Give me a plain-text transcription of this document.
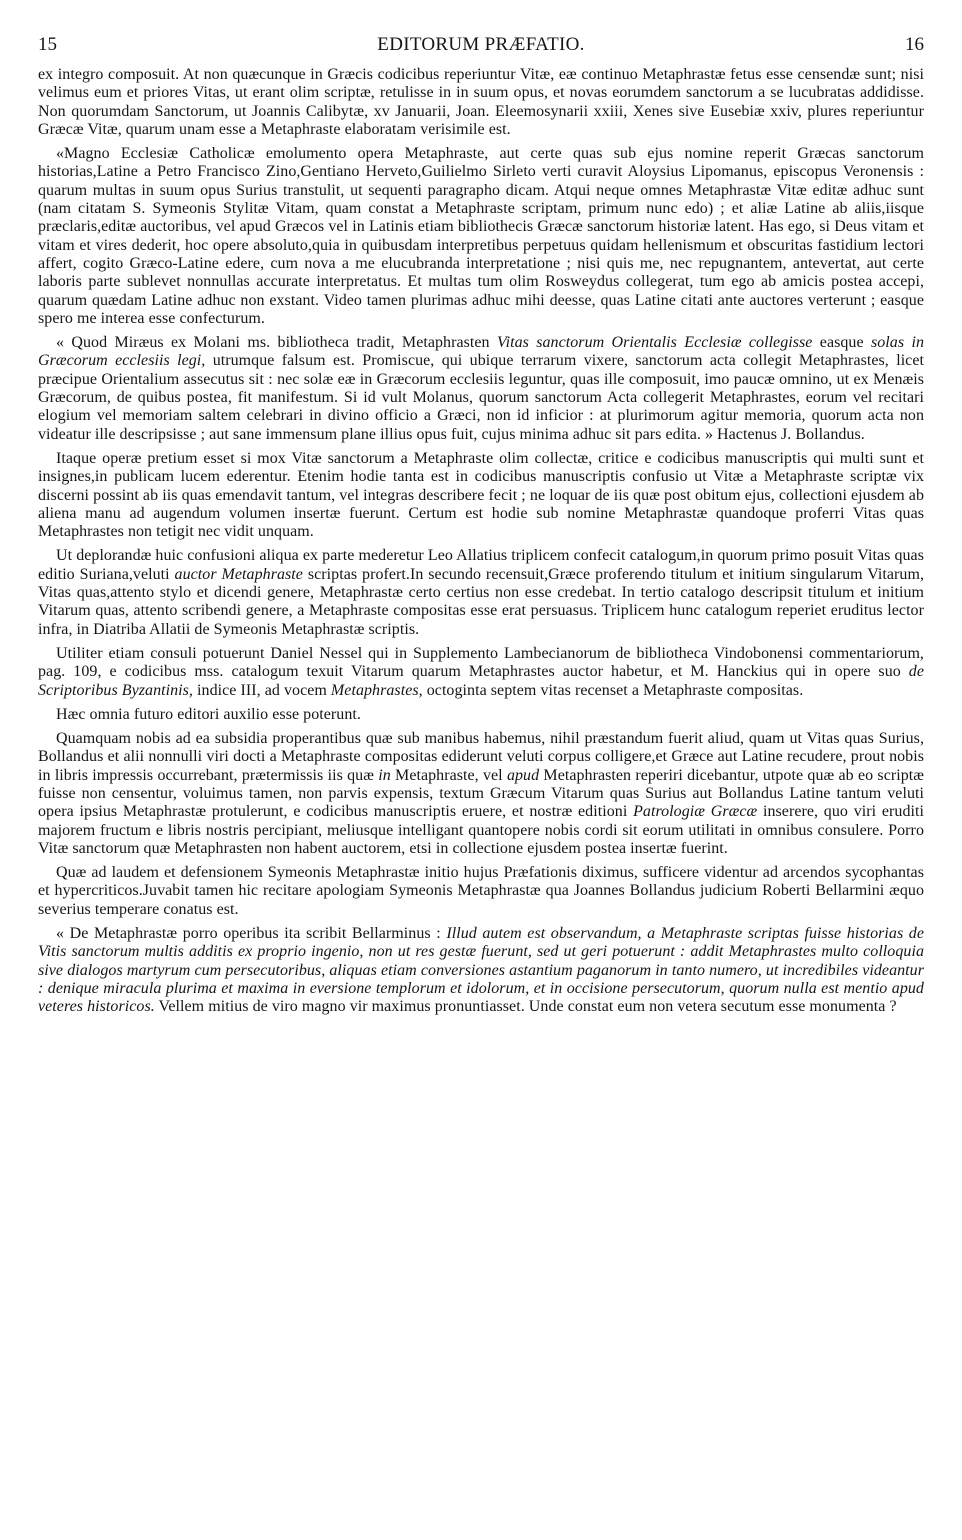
15	EDITORUM PRÆFATIO.	16

ex integro composuit. At non quæcunque in Græcis codicibus reperiuntur Vitæ, eæ continuo Metaphrastæ fetus esse censendæ sunt; nisi velimus eum et priores Vitas, ut erant olim scriptæ, retulisse in in suum opus, et novas eorumdem sanctorum a se lucubratas addidisse. Non quorumdam Sanctorum, ut Joannis Calibytæ, xv Januarii, Joan. Eleemosynarii xxiii, Xenes sive Eusebiæ xxiv, plures reperiuntur Græcæ Vitæ, quarum unam esse a Metaphraste elaboratam verisimile est.

«Magno Ecclesiæ Catholicæ emolumento opera Metaphraste, aut certe quas sub ejus nomine reperit Græcas sanctorum historias,Latine a Petro Francisco Zino,Gentiano Herveto,Guilielmo Sirleto verti curavit Aloysius Lipomanus, episcopus Veronensis : quarum multas in suum opus Surius transtulit, ut sequenti paragrapho dicam. Atqui neque omnes Metaphrastæ Vitæ editæ adhuc sunt (nam citatam S. Symeonis Stylitæ Vitam, quam constat a Metaphraste scriptam, primum nunc edo) ; et aliæ Latine ab aliis,iisque præclaris,editæ auctoribus, vel apud Græcos vel in Latinis etiam bibliothecis Græcæ sanctorum historiæ latent. Has ego, si Deus vitam et vitam et vires dederit, hoc opere absoluto,quia in quibusdam interpretibus perpetuus quidam hellenismum et obscuritas fastidium lectori affert, cogito Græco-Latine edere, cum nova a me elucubranda interpretatione ; nisi quis me, nec repugnantem, antevertat, aut certe laboris parte sublevet nonnullas accurate interpretatus. Et multas tum olim Rosweydus collegerat, tum ego ab amicis postea accepi, quarum quædam Latine adhuc non exstant. Video tamen plurimas adhuc mihi deesse, quas Latine citati ante auctores verterunt ; easque spero me interea esse confecturum.

« Quod Miræus ex Molani ms. bibliotheca tradit, Metaphrasten Vitas sanctorum Orientalis Ecclesiæ collegisse easque solas in Græcorum ecclesiis legi, utrumque falsum est. Promiscue, qui ubique terrarum vixere, sanctorum acta collegit Metaphrastes, licet præcipue Orientalium assecutus sit : nec solæ eæ in Græcorum ecclesiis leguntur, quas ille composuit, imo paucæ omnino, ut ex Menæis Græcorum, de quibus postea, fit manifestum. Si id vult Molanus, quorum sanctorum Acta collegerit Metaphrastes, eorum vel recitari elogium vel memoriam saltem celebrari in divino officio a Græci, non id inficior : at plurimorum agitur memoria, quorum acta non videatur ille descripsisse ; aut sane immensum plane illius opus fuit, cujus minima adhuc sit pars edita. » Hactenus J. Bollandus.

Itaque operæ pretium esset si mox Vitæ sanctorum a Metaphraste olim collectæ, critice e codicibus manuscriptis qui multi sunt et insignes,in publicam lucem ederentur. Etenim hodie tanta est in codicibus manuscriptis confusio ut Vitæ a Metaphraste scriptæ vix discerni possint ab iis quas emendavit tantum, vel integras describere fecit ; ne loquar de iis quæ post obitum ejus, collectioni ejusdem ab aliena manu ad augendum volumen insertæ fuerunt. Certum est hodie sub nomine Metaphrastæ quandoque proferri Vitas quas Metaphrastes non tetigit nec vidit unquam.

Ut deplorandæ huic confusioni aliqua ex parte mederetur Leo Allatius triplicem confecit catalogum,in quorum primo posuit Vitas quas editio Suriana,veluti auctor Metaphraste scriptas profert.In secundo recensuit,Græce proferendo titulum et initium singularum Vitarum, Vitas quas,attento stylo et dicendi genere, Metaphrastæ certo certius non esse credebat. In tertio catalogo descripsit titulum et initium Vitarum quas, attento scribendi genere, a Metaphraste compositas esse erat persuasus. Triplicem hunc catalogum reperiet eruditus lector infra, in Diatriba Allatii de Symeonis Metaphrastæ scriptis.

Utiliter etiam consuli potuerunt Daniel Nessel qui in Supplemento Lambecianorum de bibliotheca Vindobonensi commentariorum, pag. 109, e codicibus mss. catalogum texuit Vitarum quarum Metaphrastes auctor habetur, et M. Hanckius qui in opere suo de Scriptoribus Byzantinis, indice III, ad vocem Metaphrastes, octoginta septem vitas recenset a Metaphraste compositas.

Hæc omnia futuro editori auxilio esse poterunt.

Quamquam nobis ad ea subsidia properantibus quæ sub manibus habemus, nihil præstandum fuerit aliud, quam ut Vitas quas Surius, Bollandus et alii nonnulli viri docti a Metaphraste compositas ediderunt veluti corpus colligere,et Græce aut Latine recudere, prout nobis in libris impressis occurrebant, prætermissis iis quæ in Metaphraste, vel apud Metaphrasten reperiri dicebantur, utpote quæ ab eo scriptæ fuisse non censentur, voluimus tamen, non parvis expensis, textum Græcum Vitarum quas Surius aut Bollandus Latine tantum veluti opera ipsius Metaphrastæ protulerunt, e codicibus manuscriptis eruere, et nostræ editioni Patrologiæ Græcæ inserere, quo viri eruditi majorem fructum e libris nostris percipiant, meliusque intelligant quantopere nobis cordi sit eorum utilitati in omnibus consulere. Porro Vitæ sanctorum quæ Metaphrasten non habent auctorem, etsi in collectione ejusdem postea insertæ fuerint.

Quæ ad laudem et defensionem Symeonis Metaphrastæ initio hujus Præfationis diximus, sufficere videntur ad arcendos sycophantas et hypercriticos.Juvabit tamen hic recitare apologiam Symeonis Metaphrastæ qua Joannes Bollandus judicium Roberti Bellarmini æquo severius temperare conatus est.

« De Metaphrastæ porro operibus ita scribit Bellarminus : Illud autem est observandum, a Metaphraste scriptas fuisse historias de Vitis sanctorum multis additis ex proprio ingenio, non ut res gestæ fuerunt, sed ut geri potuerunt : addit Metaphrastes multo colloquia sive dialogos martyrum cum persecutoribus, aliquas etiam conversiones astantium paganorum in tanto numero, ut incredibiles videantur : denique miracula plurima et maxima in eversione templorum et idolorum, et in occisione persecutorum, quorum nulla est mentio apud veteres historicos. Vellem mitius de viro magno vir maximus pronuntiasset. Unde constat eum non vetera secutum esse monumenta ?
